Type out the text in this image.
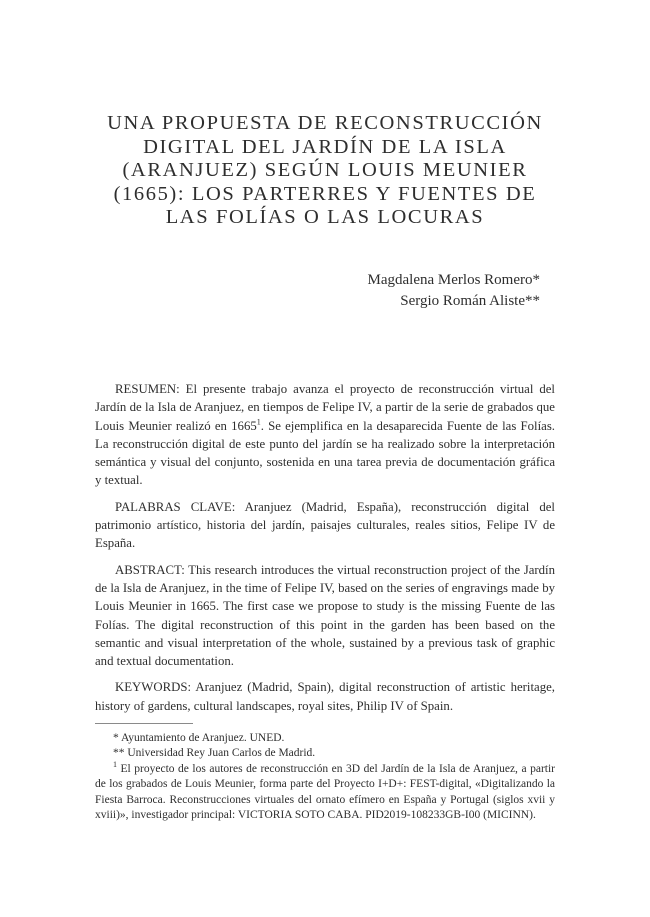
UNA PROPUESTA DE RECONSTRUCCIÓN
DIGITAL DEL JARDÍN DE LA ISLA
(ARANJUEZ) SEGÚN LOUIS MEUNIER
(1665): LOS PARTERRES Y FUENTES DE
LAS FOLÍAS O LAS LOCURAS
Magdalena Merlos Romero*
Sergio Román Aliste**

RESUMEN: El presente trabajo avanza el proyecto de reconstrucción virtual del Jardín de la Isla de Aranjuez, en tiempos de Felipe IV, a partir de la serie de grabados que Louis Meunier realizó en 1665$^1$. Se ejemplifica en la desaparecida Fuente de las Folías. La reconstrucción digital de este punto del jardín se ha realizado sobre la interpretación semántica y visual del conjunto, sostenida en una tarea previa de documentación gráfica y textual.

PALABRAS CLAVE: Aranjuez (Madrid, España), reconstrucción digital del patrimonio artístico, historia del jardín, paisajes culturales, reales sitios, Felipe IV de España.

ABSTRACT: This research introduces the virtual reconstruction project of the Jardín de la Isla de Aranjuez, in the time of Felipe IV, based on the series of engravings made by Louis Meunier in 1665. The first case we propose to study is the missing Fuente de las Folías. The digital reconstruction of this point in the garden has been based on the semantic and visual interpretation of the whole, sustained by a previous task of graphic and textual documentation.

KEYWORDS: Aranjuez (Madrid, Spain), digital reconstruction of artistic heritage, history of gardens, cultural landscapes, royal sites, Philip IV of Spain.

* Ayuntamiento de Aranjuez. UNED.

** Universidad Rey Juan Carlos de Madrid.

$^1$ El proyecto de los autores de reconstrucción en 3D del Jardín de la Isla de Aranjuez, a partir de los grabados de Louis Meunier, forma parte del Proyecto I+D+: FEST-digital, «Digitalizando la Fiesta Barroca. Reconstrucciones virtuales del ornato efímero en España y Portugal (siglos xvii y xviii)», investigador principal: VICTORIA SOTO CABA. PID2019-108233GB-I00 (MICINN).
